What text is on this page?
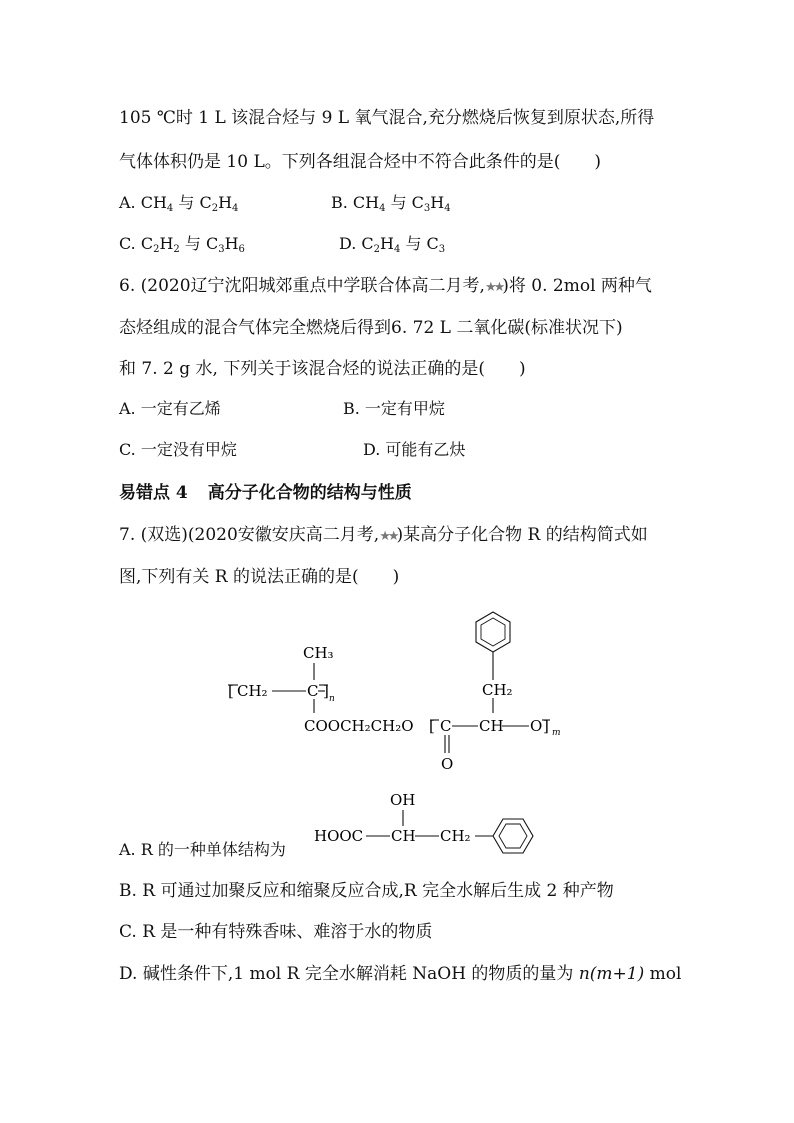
105 ℃时 1 L 该混合烃与 9 L 氧气混合,充分燃烧后恢复到原状态,所得
气体体积仍是 10 L。下列各组混合烃中不符合此条件的是(　　)
A. $CH_4$ 与 $C_2H_4$	B. $CH_4$ 与 $C_3H_4$
C. $C_2H_2$ 与 $C_3H_6$	D. $C_2H_4$ 与 $C_3$
6. (2020辽宁沈阳城郊重点中学联合体高二月考,★★)将 0. 2mol 两种气
态烃组成的混合气体完全燃烧后得到6. 72 L 二氧化碳(标准状况下)
和 7. 2 g 水, 下列关于该混合烃的说法正确的是(　　)
A. 一定有乙烯	B. 一定有甲烷
C. 一定没有甲烷	D. 可能有乙炔
易错点 4 高分子化合物的结构与性质
7. (双选)(2020安徽安庆高二月考,★★)某高分子化合物 R 的结构简式如
图,下列有关 R 的说法正确的是(　　)
CH₃
[ CH₂	C ] n
COOCH₂CH₂O [ C
O
CH O ] m
CH₂
A. R 的一种单体结构为
OH
HOOC CH CH₂
B. R 可通过加聚反应和缩聚反应合成,R 完全水解后生成 2 种产物
C. R 是一种有特殊香味、难溶于水的物质
D. 碱性条件下,1 mol R 完全水解消耗 NaOH 的物质的量为 n(m+1) mol
